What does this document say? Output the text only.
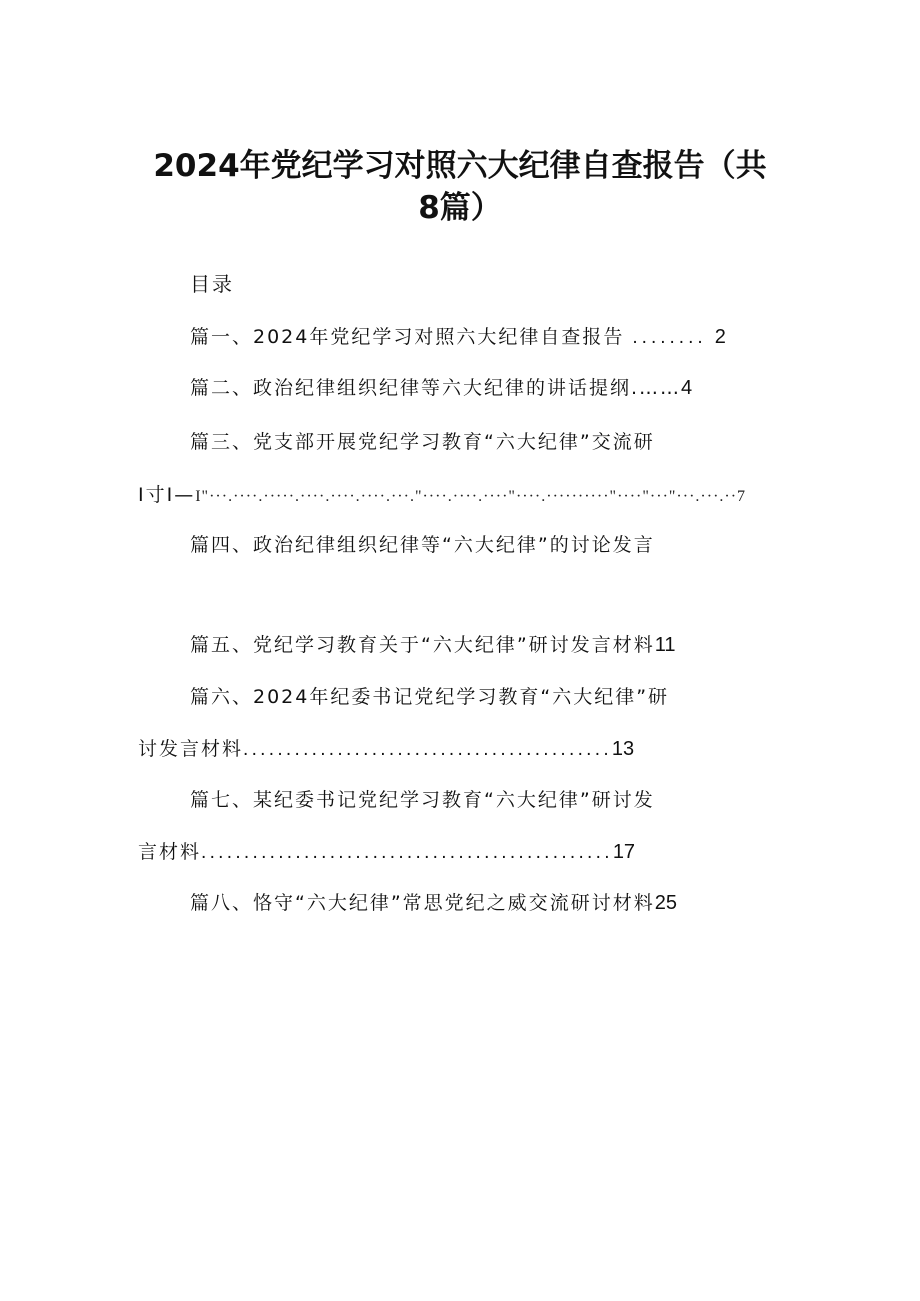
2024年党纪学习对照六大纪律自查报告（共
8篇）
目录
篇一、2024年党纪学习对照六大纪律自查报告 ........ 2
篇二、政治纪律组织纪律等六大纪律的讲话提纲.……4
篇三、党支部开展党纪学习教育“六大纪律”交流研
I寸I—I"···.····.·····.····.····.····.···."····.····.····"····.··········"····"···"···.···.··7
篇四、政治纪律组织纪律等“六大纪律”的讨论发言
篇五、党纪学习教育关于“六大纪律”研讨发言材料11
篇六、2024年纪委书记党纪学习教育“六大纪律”研
讨发言材料...........................................13
篇七、某纪委书记党纪学习教育“六大纪律”研讨发
言材料................................................17
篇八、恪守“六大纪律”常思党纪之威交流研讨材料25
